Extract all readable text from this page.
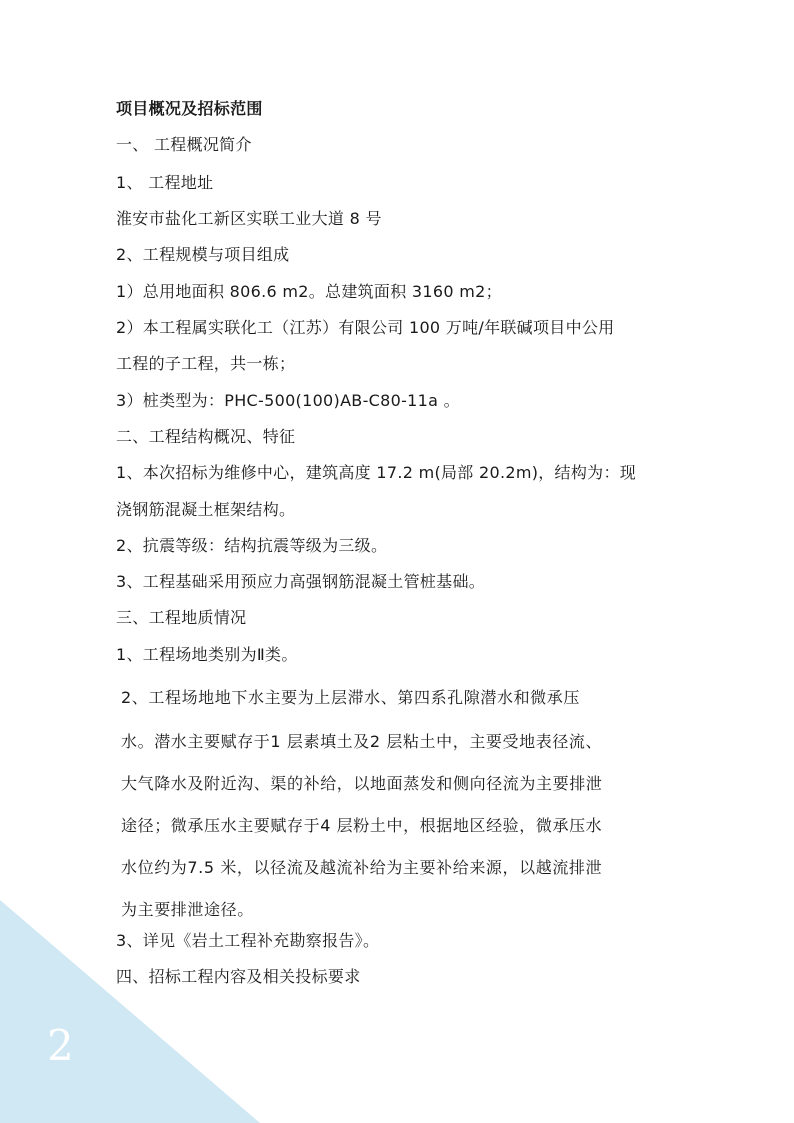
项目概况及招标范围
一、 工程概况简介
1、 工程地址
淮安市盐化工新区实联工业大道 8 号
2、工程规模与项目组成
1）总用地面积 806.6 m2。总建筑面积 3160 m2；
2）本工程属实联化工（江苏）有限公司 100 万吨/年联碱项目中公用
工程的子工程，共一栋；
3）桩类型为：PHC-500(100)AB-C80-11a 。
二、工程结构概况、特征
1、本次招标为维修中心，建筑高度 17.2 m(局部 20.2m)，结构为：现
浇钢筋混凝土框架结构。
2、抗震等级：结构抗震等级为三级。
3、工程基础采用预应力高强钢筋混凝土管桩基础。
三、工程地质情况
1、工程场地类别为Ⅱ类。
2、工程场地地下水主要为上层滞水、第四系孔隙潜水和微承压
水。潜水主要赋存于1 层素填土及2 层粘土中，主要受地表径流、
大气降水及附近沟、渠的补给，以地面蒸发和侧向径流为主要排泄
途径；微承压水主要赋存于4 层粉土中，根据地区经验，微承压水
水位约为7.5 米，以径流及越流补给为主要补给来源，以越流排泄
为主要排泄途径。
3、详见《岩土工程补充勘察报告》。
四、招标工程内容及相关投标要求
2
